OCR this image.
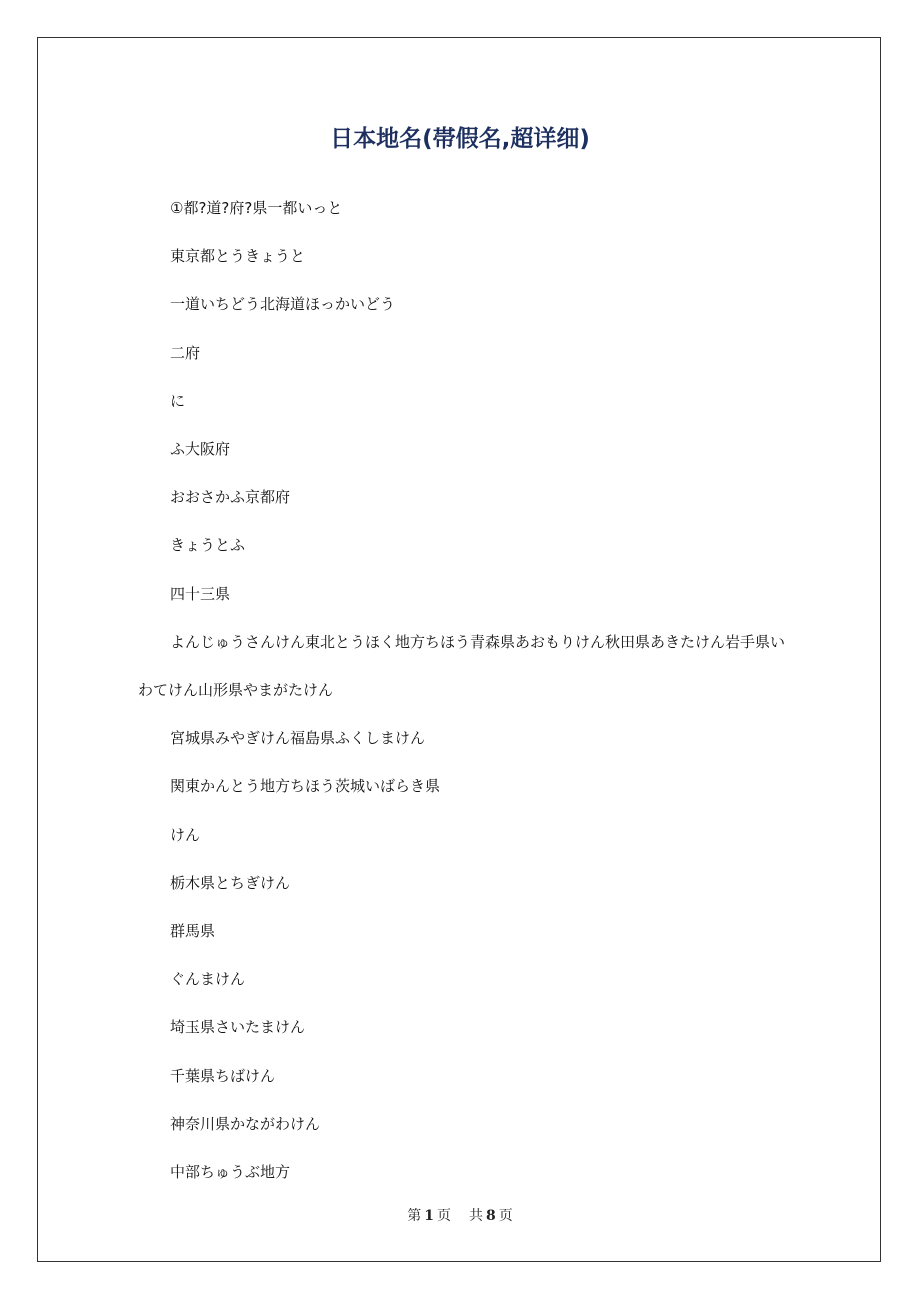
日本地名(帯假名,超详细)

①都?道?府?県一都いっと

東京都とうきょうと

一道いちどう北海道ほっかいどう

二府

に

ふ大阪府

おおさかふ京都府

きょうとふ

四十三県

よんじゅうさんけん東北とうほく地方ちほう青森県あおもりけん秋田県あきたけん岩手県いわてけん山形県やまがたけん

宮城県みやぎけん福島県ふくしまけん

関東かんとう地方ちほう茨城いばらき県

けん

栃木県とちぎけん

群馬県

ぐんまけん

埼玉県さいたまけん

千葉県ちばけん

神奈川県かながわけん

中部ちゅうぶ地方

第 1 页 共 8 页
